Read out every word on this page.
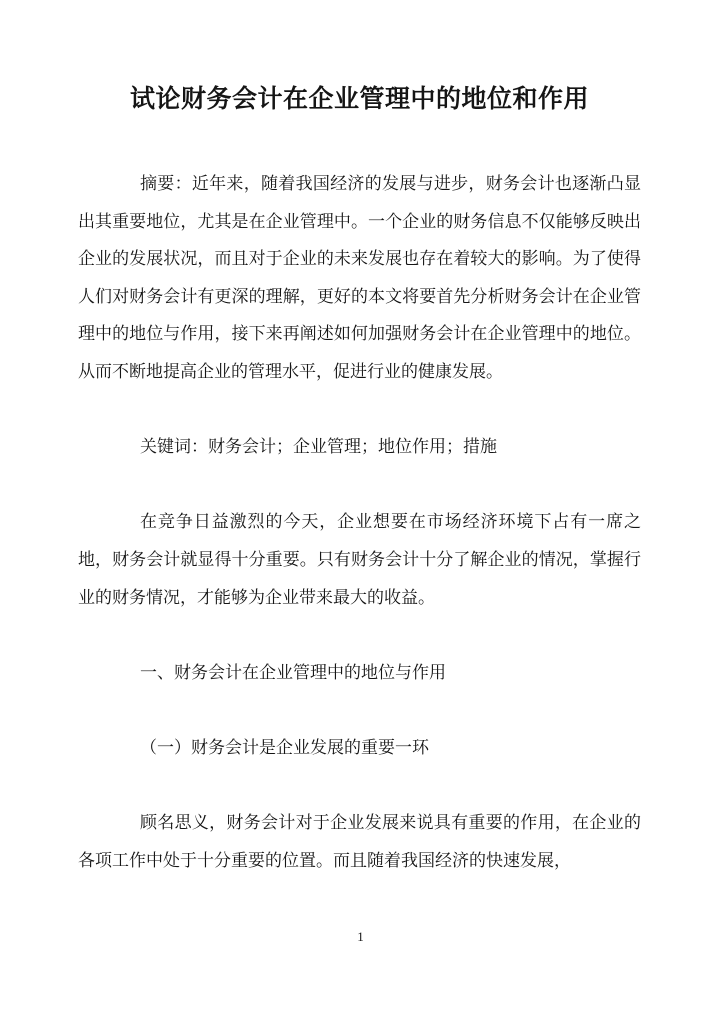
试论财务会计在企业管理中的地位和作用

摘要：近年来，随着我国经济的发展与进步，财务会计也逐渐凸显出其重要地位，尤其是在企业管理中。一个企业的财务信息不仅能够反映出企业的发展状况，而且对于企业的未来发展也存在着较大的影响。为了使得人们对财务会计有更深的理解，更好的本文将要首先分析财务会计在企业管理中的地位与作用，接下来再阐述如何加强财务会计在企业管理中的地位。从而不断地提高企业的管理水平，促进行业的健康发展。

关键词：财务会计；企业管理；地位作用；措施

在竞争日益激烈的今天，企业想要在市场经济环境下占有一席之地，财务会计就显得十分重要。只有财务会计十分了解企业的情况，掌握行业的财务情况，才能够为企业带来最大的收益。

一、财务会计在企业管理中的地位与作用

（一）财务会计是企业发展的重要一环

顾名思义，财务会计对于企业发展来说具有重要的作用，在企业的各项工作中处于十分重要的位置。而且随着我国经济的快速发展，

1
